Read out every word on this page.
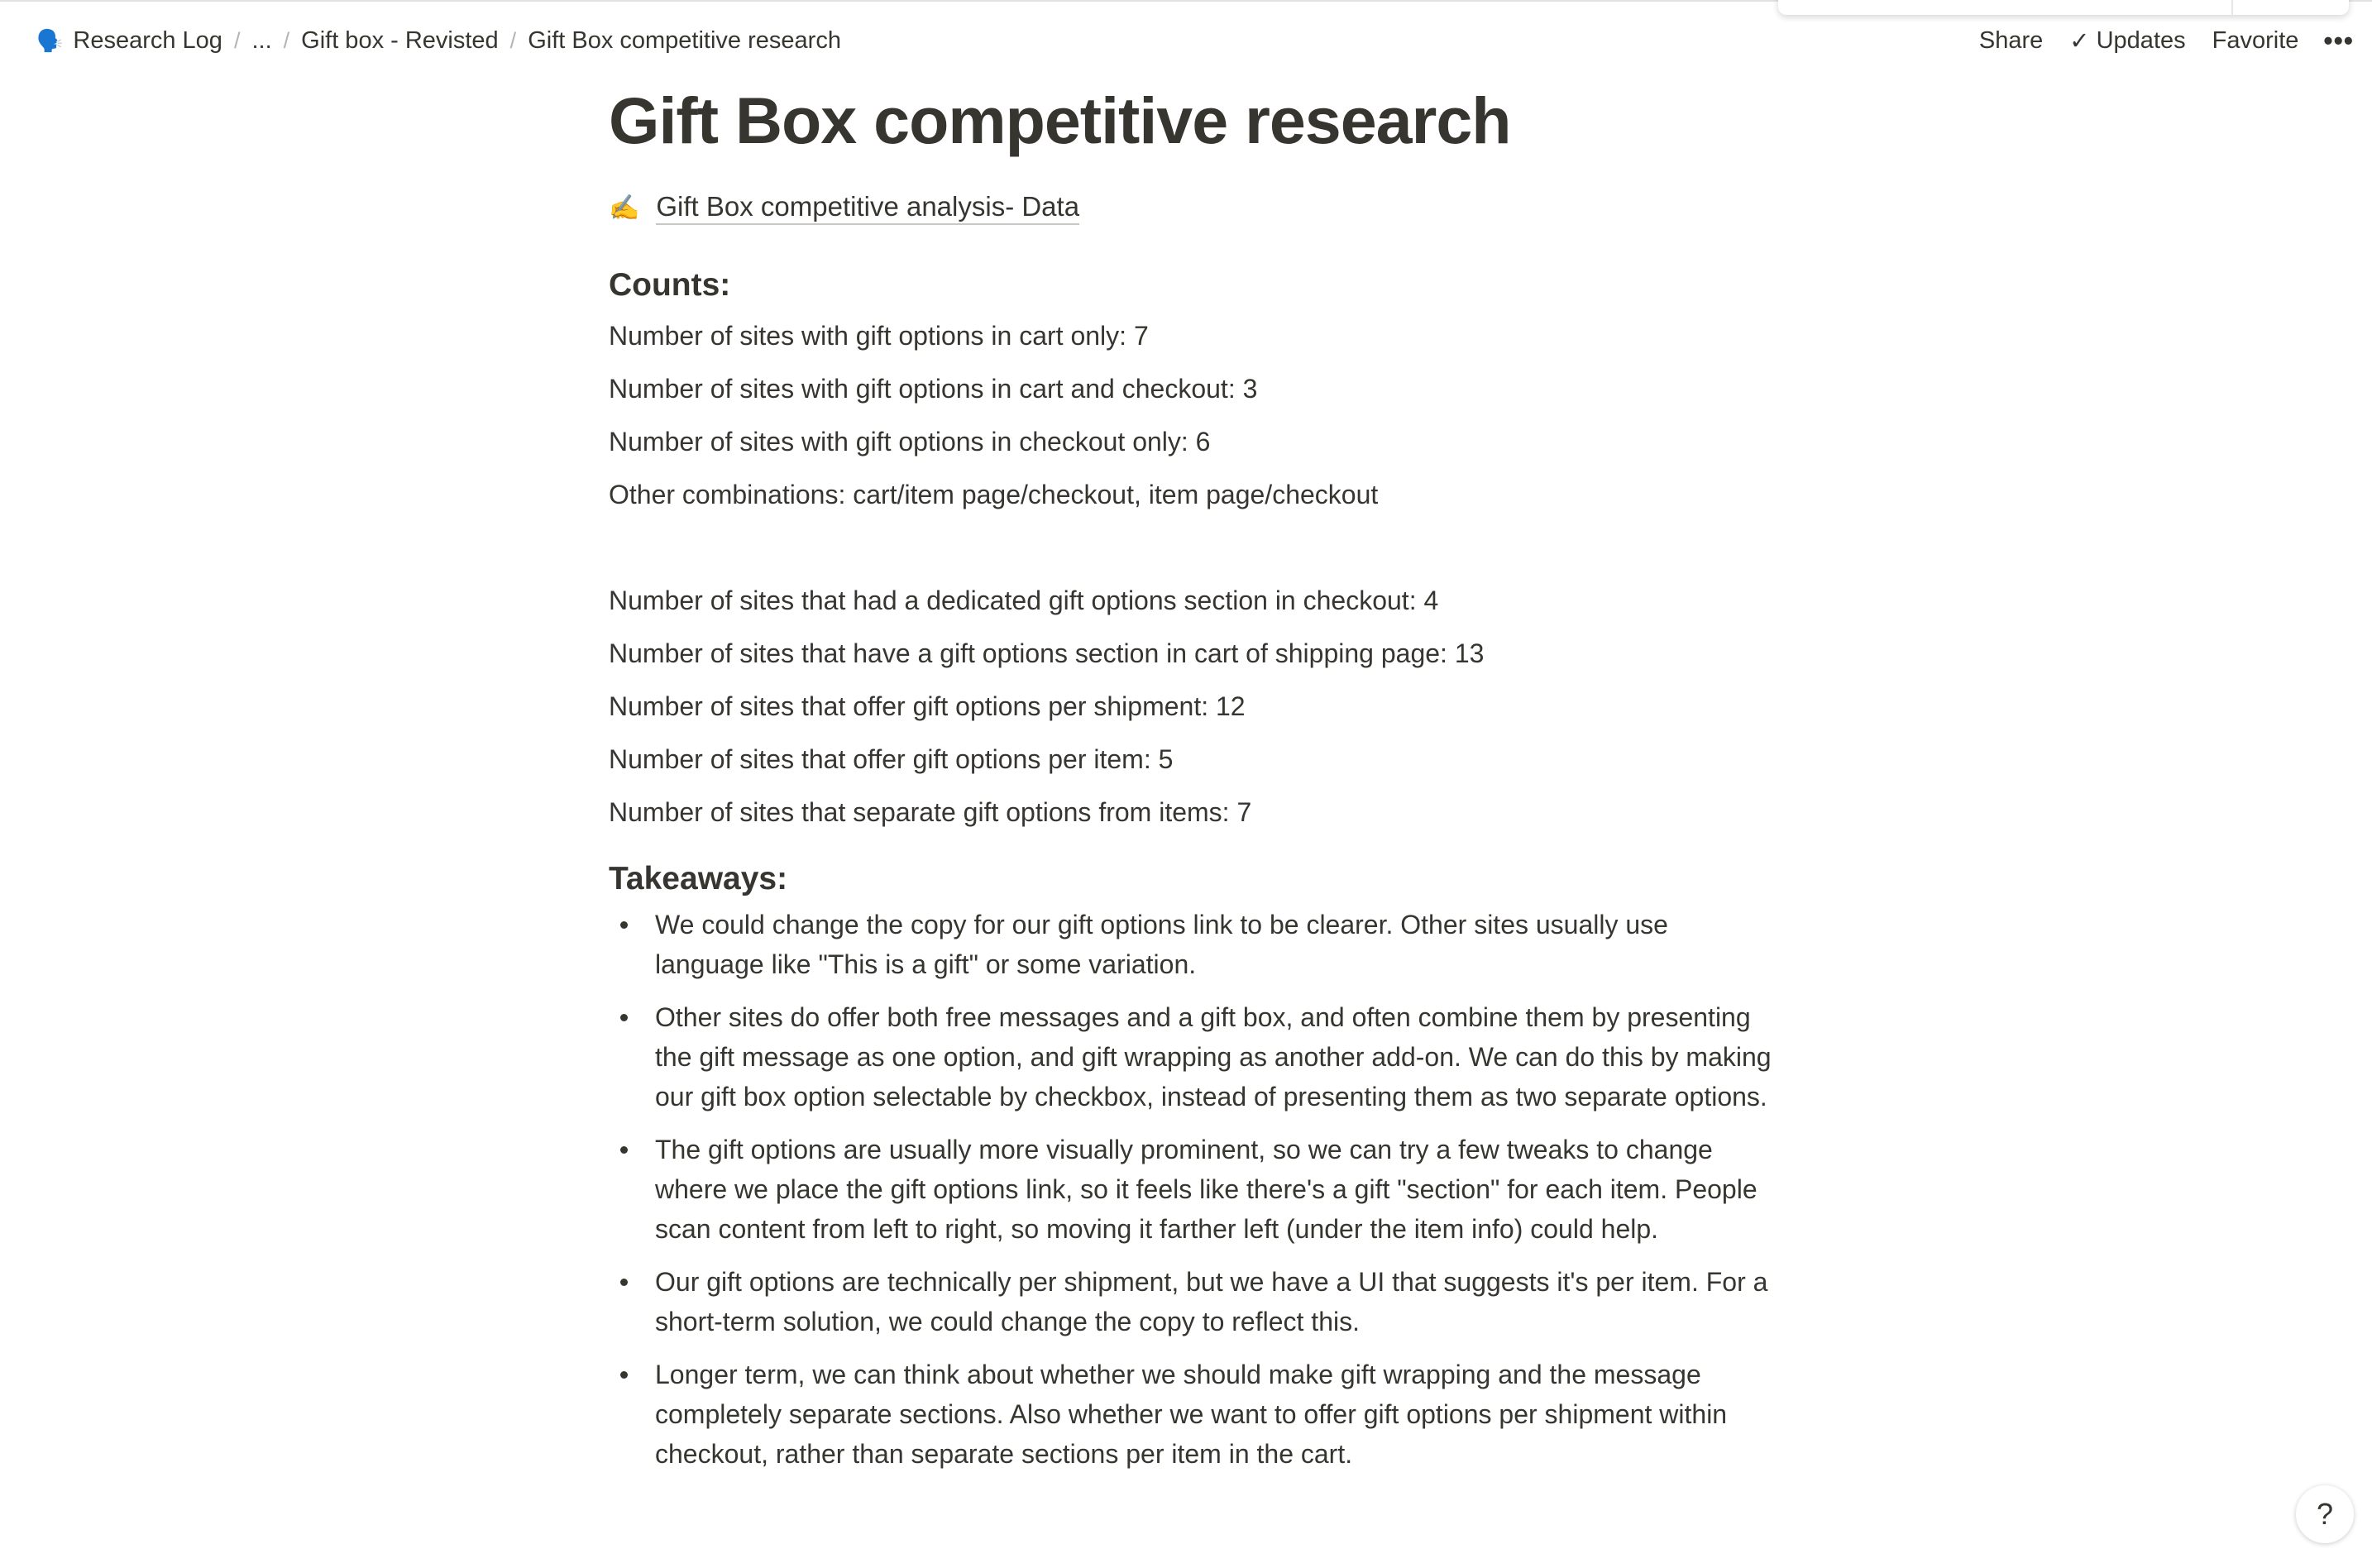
🗣️ Research Log / ... / Gift box - Revisted / Gift Box competitive research	Share ✓ Updates Favorite •••
Gift Box competitive research
✍️ Gift Box competitive analysis- Data
Counts:

Number of sites with gift options in cart only: 7

Number of sites with gift options in cart and checkout: 3

Number of sites with gift options in checkout only: 6

Other combinations: cart/item page/checkout, item page/checkout

Number of sites that had a dedicated gift options section in checkout: 4

Number of sites that have a gift options section in cart of shipping page: 13

Number of sites that offer gift options per shipment: 12

Number of sites that offer gift options per item: 5

Number of sites that separate gift options from items: 7

Takeaways:
We could change the copy for our gift options link to be clearer. Other sites usually use language like "This is a gift" or some variation.
Other sites do offer both free messages and a gift box, and often combine them by presenting the gift message as one option, and gift wrapping as another add-on. We can do this by making our gift box option selectable by checkbox, instead of presenting them as two separate options.
The gift options are usually more visually prominent, so we can try a few tweaks to change where we place the gift options link, so it feels like there's a gift "section" for each item. People scan content from left to right, so moving it farther left (under the item info) could help.
Our gift options are technically per shipment, but we have a UI that suggests it's per item. For a short-term solution, we could change the copy to reflect this.
Longer term, we can think about whether we should make gift wrapping and the message completely separate sections. Also whether we want to offer gift options per shipment within checkout, rather than separate sections per item in the cart.
?
